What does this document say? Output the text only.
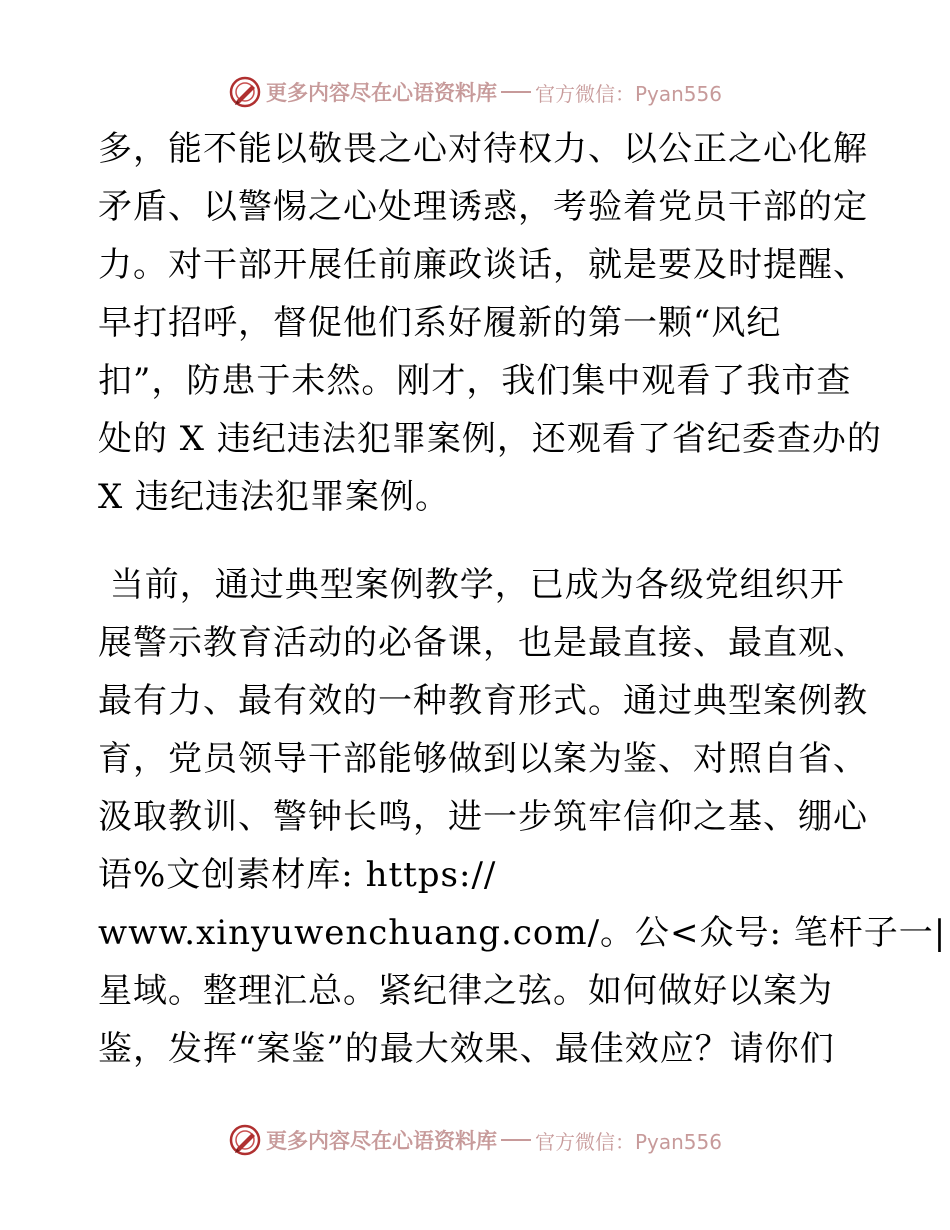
更多内容尽在心语资料库 官方微信：Pyan556
多，能不能以敬畏之心对待权力、以公正之心化解
矛盾、以警惕之心处理诱惑，考验着党员干部的定
力。对干部开展任前廉政谈话，就是要及时提醒、
早打招呼，督促他们系好履新的第一颗“风纪
扣”，防患于未然。刚才，我们集中观看了我市查
处的 X 违纪违法犯罪案例，还观看了省纪委查办的
X 违纪违法犯罪案例。
当前，通过典型案例教学，已成为各级党组织开
展警示教育活动的必备课，也是最直接、最直观、
最有力、最有效的一种教育形式。通过典型案例教
育，党员领导干部能够做到以案为鉴、对照自省、
汲取教训、警钟长鸣，进一步筑牢信仰之基、绷心
语%文创素材库: https://
www.xinyuwenchuang.com/。公<众号: 笔杆子一|
星域。整理汇总。紧纪律之弦。如何做好以案为
鉴，发挥“案鉴”的最大效果、最佳效应？请你们
更多内容尽在心语资料库 官方微信：Pyan556
